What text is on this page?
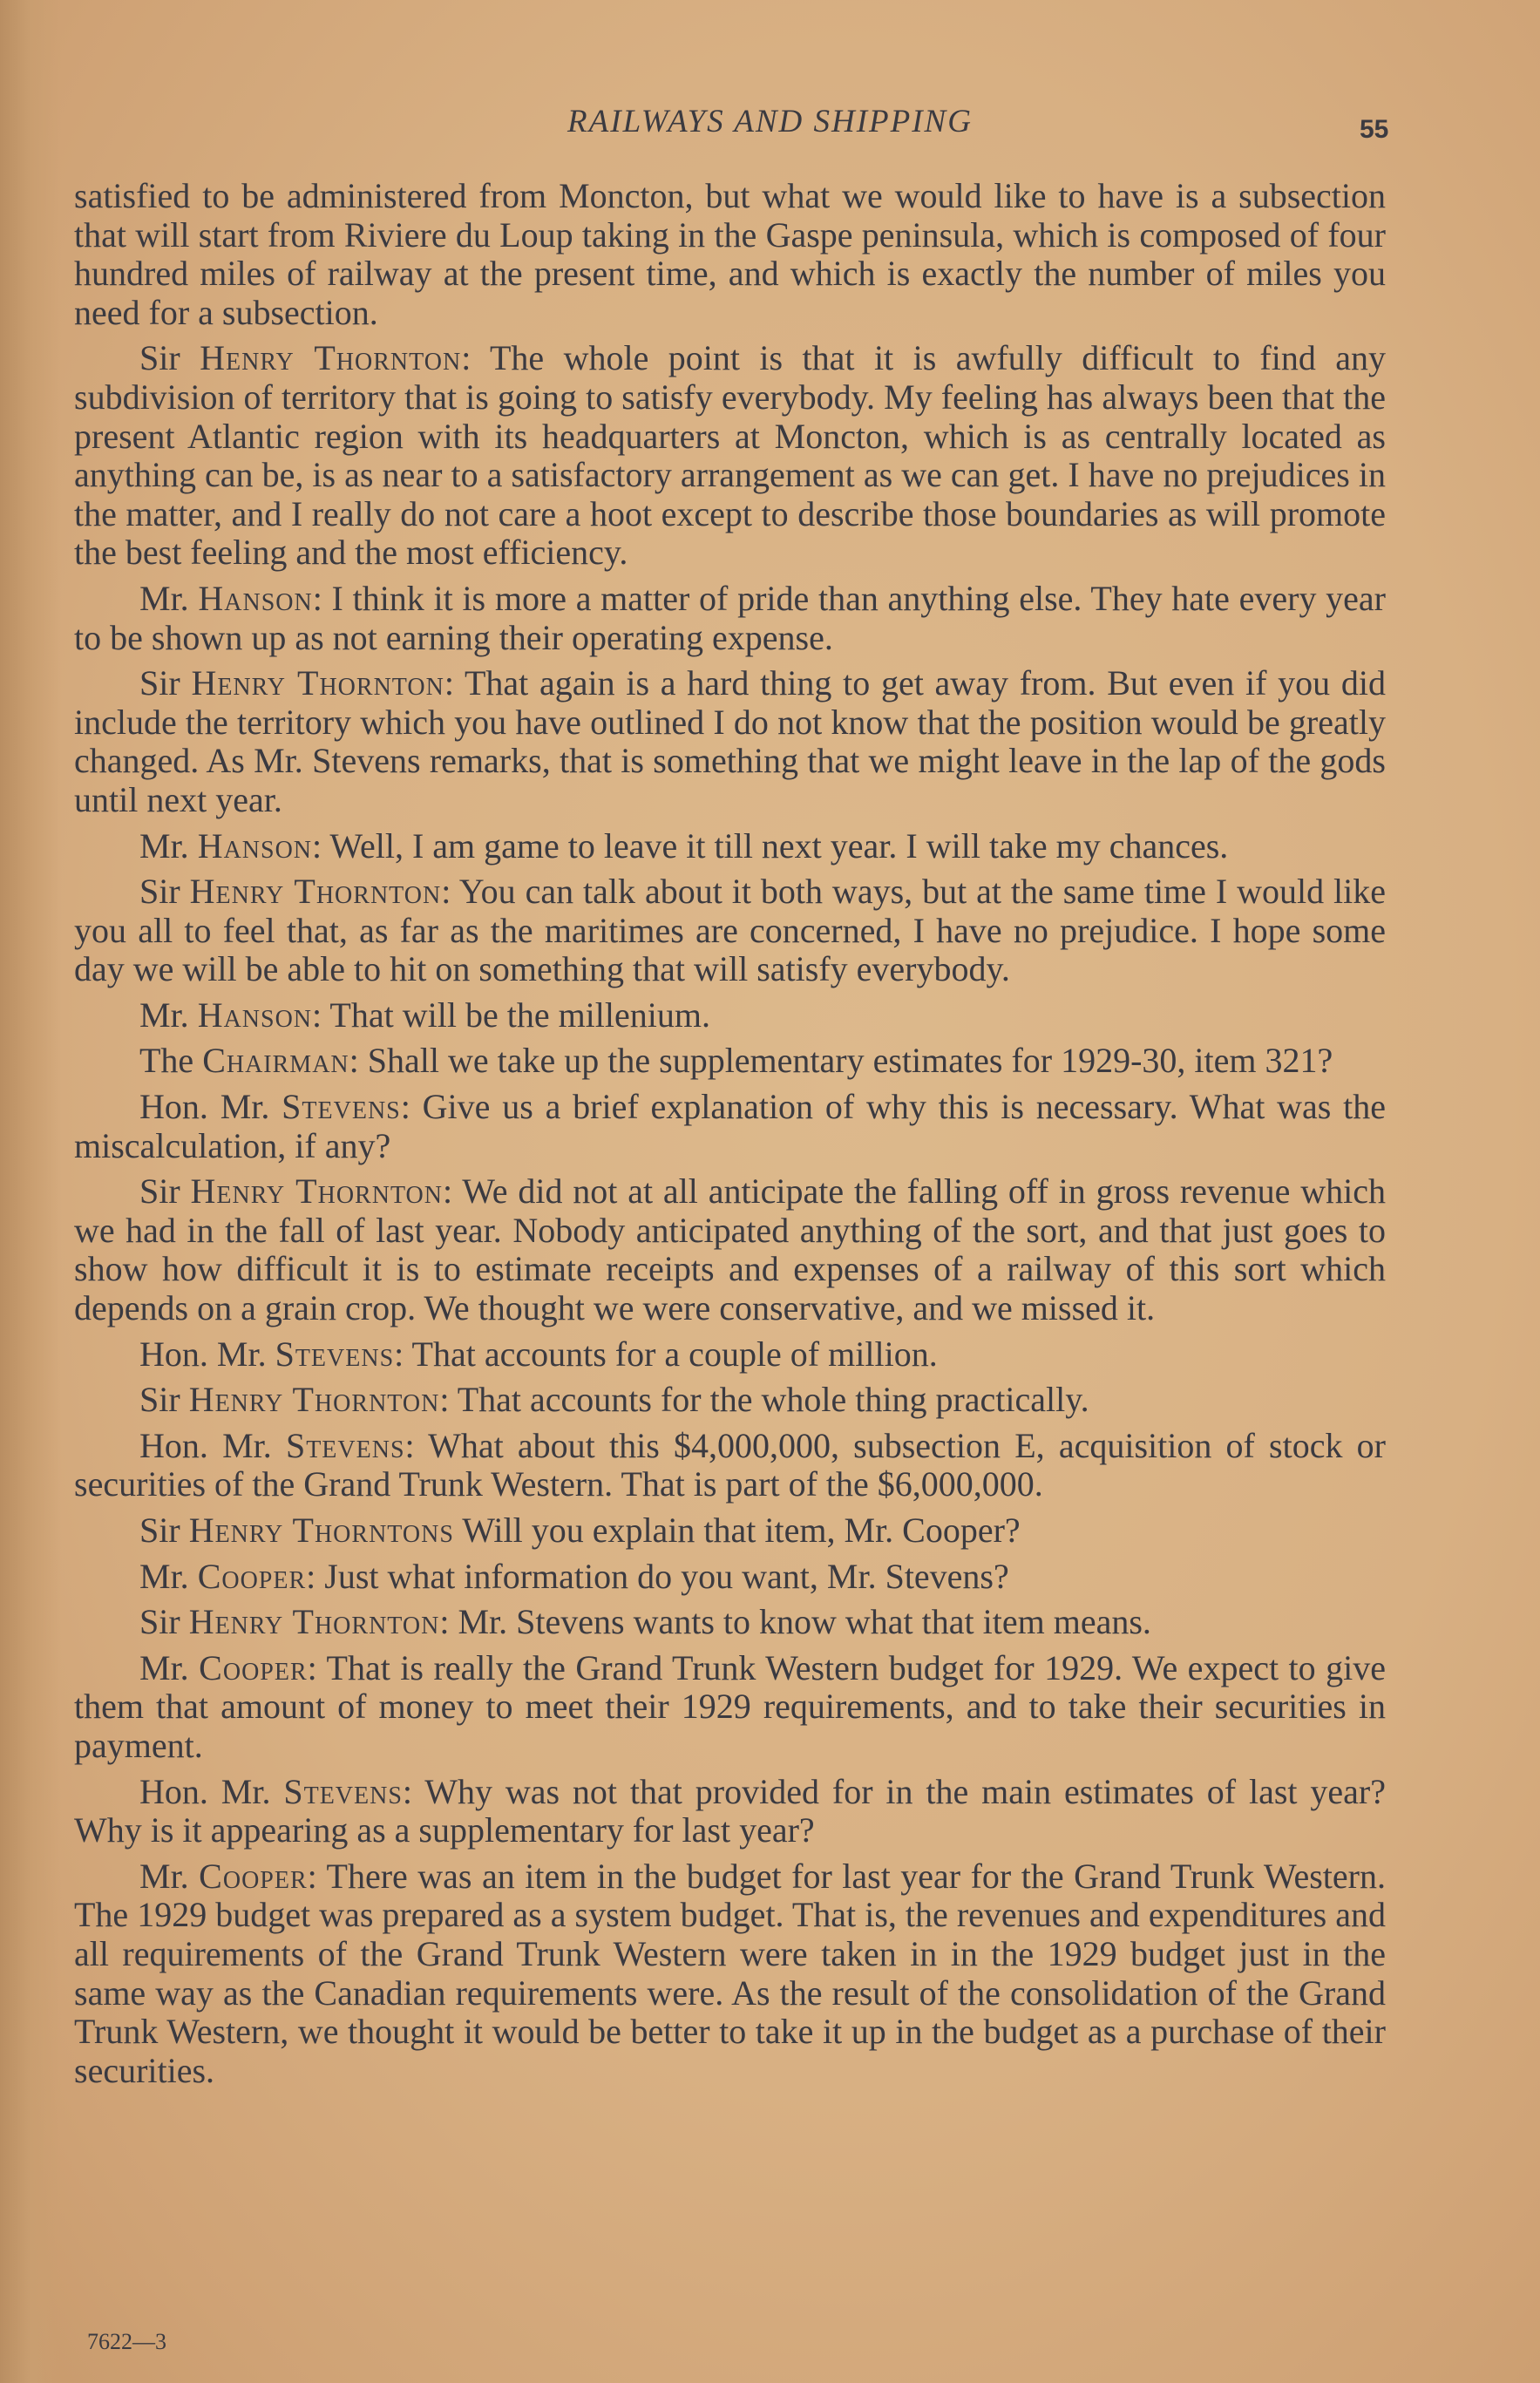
RAILWAYS AND SHIPPING	55

satisfied to be administered from Moncton, but what we would like to have is a subsection that will start from Riviere du Loup taking in the Gaspe peninsula, which is composed of four hundred miles of railway at the present time, and which is exactly the number of miles you need for a subsection.

Sir Henry Thornton: The whole point is that it is awfully difficult to find any subdivision of territory that is going to satisfy everybody. My feeling has always been that the present Atlantic region with its headquarters at Moncton, which is as centrally located as anything can be, is as near to a satisfactory arrangement as we can get. I have no prejudices in the matter, and I really do not care a hoot except to describe those boundaries as will promote the best feeling and the most efficiency.

Mr. Hanson: I think it is more a matter of pride than anything else. They hate every year to be shown up as not earning their operating expense.

Sir Henry Thornton: That again is a hard thing to get away from. But even if you did include the territory which you have outlined I do not know that the position would be greatly changed. As Mr. Stevens remarks, that is something that we might leave in the lap of the gods until next year.

Mr. Hanson: Well, I am game to leave it till next year. I will take my chances.

Sir Henry Thornton: You can talk about it both ways, but at the same time I would like you all to feel that, as far as the maritimes are concerned, I have no prejudice. I hope some day we will be able to hit on something that will satisfy everybody.

Mr. Hanson: That will be the millenium.

The Chairman: Shall we take up the supplementary estimates for 1929-30, item 321?

Hon. Mr. Stevens: Give us a brief explanation of why this is necessary. What was the miscalculation, if any?

Sir Henry Thornton: We did not at all anticipate the falling off in gross revenue which we had in the fall of last year. Nobody anticipated anything of the sort, and that just goes to show how difficult it is to estimate receipts and expenses of a railway of this sort which depends on a grain crop. We thought we were conservative, and we missed it.

Hon. Mr. Stevens: That accounts for a couple of million.

Sir Henry Thornton: That accounts for the whole thing practically.

Hon. Mr. Stevens: What about this $4,000,000, subsection E, acquisition of stock or securities of the Grand Trunk Western. That is part of the $6,000,000.

Sir Henry Thorntons Will you explain that item, Mr. Cooper?

Mr. Cooper: Just what information do you want, Mr. Stevens?

Sir Henry Thornton: Mr. Stevens wants to know what that item means.

Mr. Cooper: That is really the Grand Trunk Western budget for 1929. We expect to give them that amount of money to meet their 1929 requirements, and to take their securities in payment.

Hon. Mr. Stevens: Why was not that provided for in the main estimates of last year? Why is it appearing as a supplementary for last year?

Mr. Cooper: There was an item in the budget for last year for the Grand Trunk Western. The 1929 budget was prepared as a system budget. That is, the revenues and expenditures and all requirements of the Grand Trunk Western were taken in in the 1929 budget just in the same way as the Canadian requirements were. As the result of the consolidation of the Grand Trunk Western, we thought it would be better to take it up in the budget as a purchase of their securities.

7622—3
